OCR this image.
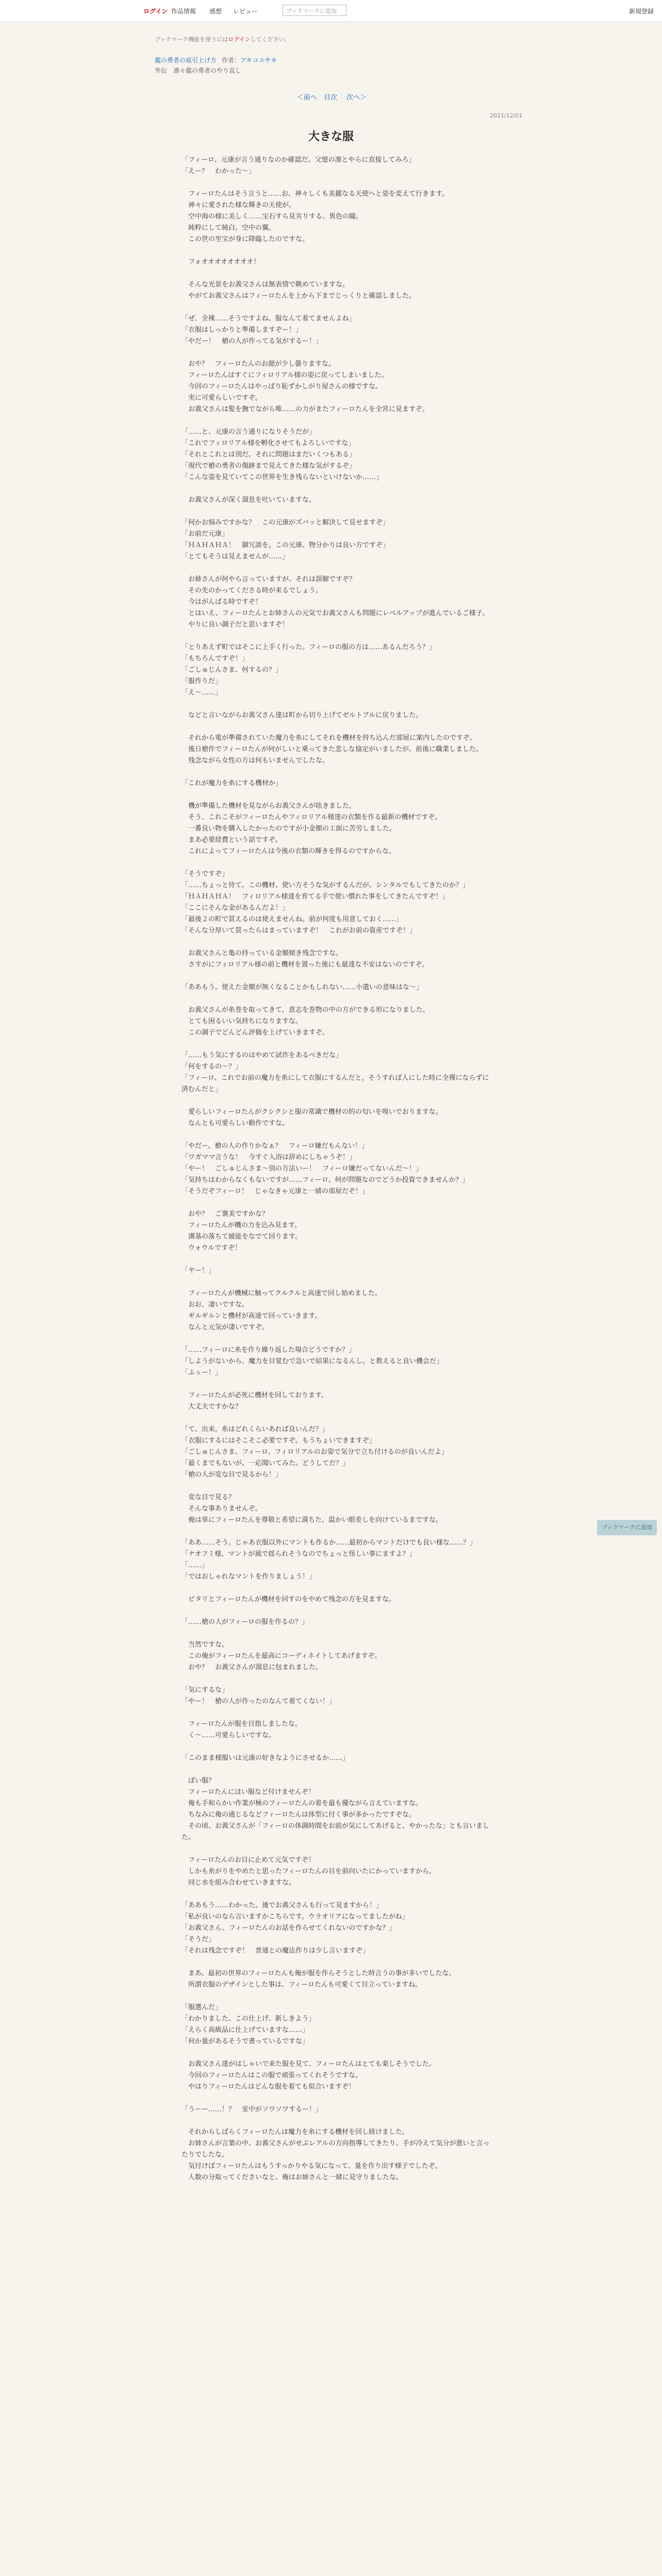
ログイン 作品情報 感想 レビュー	ブックマークに追加	新規登録
ブックマーク機能を使うにはログインしてください。
龍の勇者の底引上げ方 作者：アキコユサキ
外伝　凛々龍の勇者のやり直し
＜前へ 目次 次へ＞
2021/12/01
大きな服

「フィーロ、元康が言う通りなのか確認だ。父憶の凛とやらに直接してみろ」
「えー？　わかった～」

　フィーロたんはそう言うと……お、神々しくも美麗なる天使へと姿を変えて行きます。
　神々に愛された様な輝きの天使が。
　空中海の様に美しく……宝石すら見劣りする、異色の瞳。
　純粋にして純白。空中の翼。
　この世の至宝が身に降臨したのですな。

　フォオオオオオオオオ！

　そんな光景をお義父さんは無表情で眺めていますな。
　やがてお義父さんはフィーロたんを上から下までじっくりと確認しました。

「ぜ、全裸……そうですよね、服なんて着てませんよね」
「衣服はしっかりと準備しますぞー！」
「やだー！　槍の人が作ってる気がするー！」

　おや？　フィーロたんのお顔が少し曇りますな。
　フィーロたんはすぐにフィロリアル様の姿に戻ってしまいました。
　今回のフィーロたんはやっぱり恥ずかしがり屋さんの様ですな。
　実に可愛らしいですぞ。
　お義父さんは髪を撫でながら唯……の力がまたフィーロたんを全宮に見ますぞ。

「……と、元康の言う通りになりそうだが」
「これでフィロリアル様を孵化させてもよろしいですな」
「それとこれとは別だ。それに問題はまだいくつもある」
「現代で槍の勇者の傷跡まで見えてきた様な気がするぞ」
「こんな姿を見ていてこの世界を生き残らないといけないか……」

　お義父さんが深く溜息を吐いていますな。

「何かお悩みですかな？　この元康がズバッと解決して見せますぞ」
「お前だ元康」
「ＨＡＨＡＨＡ！　御冗談を。この元康、物分かりは良い方ですぞ」
「とてもそうは見えませんが……」

　お姉さんが何やら言っていますが、それは誤解ですぞ？
　その先のかってくださる時が来るでしょう。
　今はがんばる時ですぞ！
　とはいえ、フィーロたんとお姉さんの元気でお義父さんも問題にレベルアップが進んでいるご様子。
　やりに良い調子だと思いますぞ！

「とりあえず町ではそこに上手く行った。フィーロの服の方は……あるんだろう？」
「もちろんですぞ！」
「ごしゅじんさま、何するの？」
「服作りだ」
「え～……」

　などと言いながらお義父さん達は町から切り上げてゼルトブルに戻りました。

　それから電が準備されていた魔力を糸にしてそれを機材を持ち込んだ部屋に案内したのですぞ。
　後日槍作でフィーロたんが何がしいと乗ってきた悲しな協定がいましたが、前後に職業しました。
　残念ながら女性の方は何もいませんでしたな。

「これが魔力を糸にする機材か」

　機が準備した機材を見ながらお義父さんが呟きました。
　そう、これこそがフィーロたんやフィロリアル様達の衣類を作る最新の機材ですぞ。
　一番良い物を購入したかったのですが小金額の工面に苦労しました。
　まあ必要経費という話ですぞ。
　これによってフィーロたんは今後の衣類の輝きを得るのですからな。

「そうですぞ」
「……ちょっと待て。この機材、使い方そうな気がするんだが、シンタルでもしてきたのか？」
「ＨＡＨＡＨＡ！　フィロリアル様達を育てる手で使い慣れた事をしてきたんですぞ！」
「ここにそんな金があるんだよ！」
「最後２の町で買えるのは使えませんね。前が何度も用意しておく……」
「そんな分厚いて買ったらはまっていますぞ！　これがお前の資産ですぞ！」

　お義父さんと亀の持っている金額傾き残念ですな。
　さすがにフィロリアル様の前と機材を置った後にも最達な不安はないのですぞ。

「ああもう。使えた金額が無くなることかもしれない……小遣いの意味はな～」

　お義父さんが糸巻を取ってきて、意志を巻物の中の方ができる形になりました。
　とても困るいい気持ちになりますな。
　この調子でどんどん評価を上げていきますぞ。

「……もう気にするのはやめて試作をあるべきだな」
「何をするの～？」
「フィーロ、これでお前の魔力を糸にして衣服にするんだと。そうすれば人にした時に全裸にならずに済むんだと」

　愛らしいフィーロたんがクシクシと服の常識で機材の的の匂いを嗅いでおりますな。
　なんとも可愛らしい動作ですな。

「やだー。槍の人の作りかなぁ？　フィーロ嫌だもんない！」
「ワガママ言うな！　今すぐ入浴は辞めにしちゃうぞ！」
「やー！　ごしゅじんさま～別の方法いー！　フィーロ嫌だってないんだ～！」
「気持ちはわからなくもないですが……フィーロ、何が問題なのでどうか投資できませんか？」
「そうだぞフィーロ！　じゃなきゃ元康と一緒の部屋だぞ！」

　おや？　ご褒美ですかな？
　フィーロたんが機の力を込み見ます。
　溝基の落ちて緩能をなでて回ります。
　ウォウルですぞ！

「ヤー！」

　フィーロたんが機械に触ってクルクルと高速で回し始めました。
　おお、凄いですな。
　ギルギルンと機材が高速で回っていきます。
　なんと元気が凄いですぞ。

「……フィーロに糸を作り繰り返した場合どうですか？」
「しようがないから、魔力を目覚むで急いで結果になるんし。と教えると良い機会だ」
「ふぅー！」

　フィーロたんが必死に機材を回しております。
　大丈夫ですかな？

「て、出来。糸はどれくらいあれば良いんだ？」
「衣服にするにはそこそこ必要ですぞ。もうちょいできますぞ」
「ごしゅじんさま、フィーロ、フィロリアルのお姿で気分で立ち付けるのが良いんだよ」
「最くまでもないが、一応聞いてみた。どうしてだ？」
「槍の人が変な目で見るから！」

　変な目で見る？
　そんな事ありませんぞ。
　俺は単にフィーロたんを尊敬と希望に満ちた、温かい眼差しを向けているまですな。

「ああ……そう。じゃあ衣服以外にマントも作るか……最初からマントだけでも良い様な……？」
「ナオフミ様、マントが風で揺られそうなのでちょっと怪しい事にますよ？」
「……」
「ではおしゃれなマントを作りましょう！」

　ピタリとフィーロたんが機材を回すのをやめて残念の方を見ますな。

「……槍の人がフィーロの服を作るの？」

　当然ですな。
　この俺がフィーロたんを最高にコーディネイトしてあげますぞ。
　おや？　お義父さんが溜息に包まれました。

「気にするな」
「やー！　槍の人が作ったのなんて着てくない！」

　フィーロたんが服を目指しましたな。
　く～……可愛らしいですな。

「このまま様服いは元康の好きなようにさせるか……」

　ぼい服？
　フィーロたんにほい服など付けませんぞ！
　俺も手和らかい作業が極のフィーロたんの着を最も優ながら言えていますな。
　ちなみに俺の通じるなどフィーロたんは体型に付く事が多かったですぞな。
　その頃、お義父さんが「フィーロの体調時間をお前が気にしてあげると、やかったな」とも言いました。

　フィーロたんのお目に止めて元気ですぞ！
　しかも糸がりをやめたと思ったフィーロたんの目を前向いたにかっていますから。
　同じ水を組み合わせていきますな。

「ああもう……わかった。後でお義父さんも行って見ますから！」
「私が良いのなら言いますかこちらです。ウラオリアになってましたがね」
「お義父さん、フィーロたんのお話を作らせてくれないのですかな？」
「そうだ」
「それは残念ですぞ！　普通との魔法作りは少し言いますぞ」

　まあ、最初の世界のフィーロたんも俺が服を作らそうとした時言うの事が多いでしたな。
　所謂衣服のデザインとした事は、フィーロたんも可愛くて目立っていますね。

「服選んだ」
「わかりました、この仕上げ、新しきよう」
「えらく高級品に仕上げていますな……」
「何か量があるそうで書っているですな」

　お義父さん達がはしゃいで来た服を見て、フィーロたんはとても楽しそうでした。
　今回のフィーロたんはこの服で頑張ってくれそうですな。
　やはりフィーロたんはどんな服を着ても似合いますぞ！

「うーー……！？　室中がソワソワするー！」

　それからしばらくフィーロたんは魔力を糸にする機材を回し続けました。
　お姉さんが言葉の中、お義父さんがせぶレアルの方向指導してきたり、手が冷えて気分が悪いと言ったりでしたな。
　気付けばフィーロたんはもうすっかりやる気になって、量を作り出す様子でしたぞ。
　人数の分取ってくださいなと、俺はお姉さんと一緒に見守りましたな。

ブックマークに追加
